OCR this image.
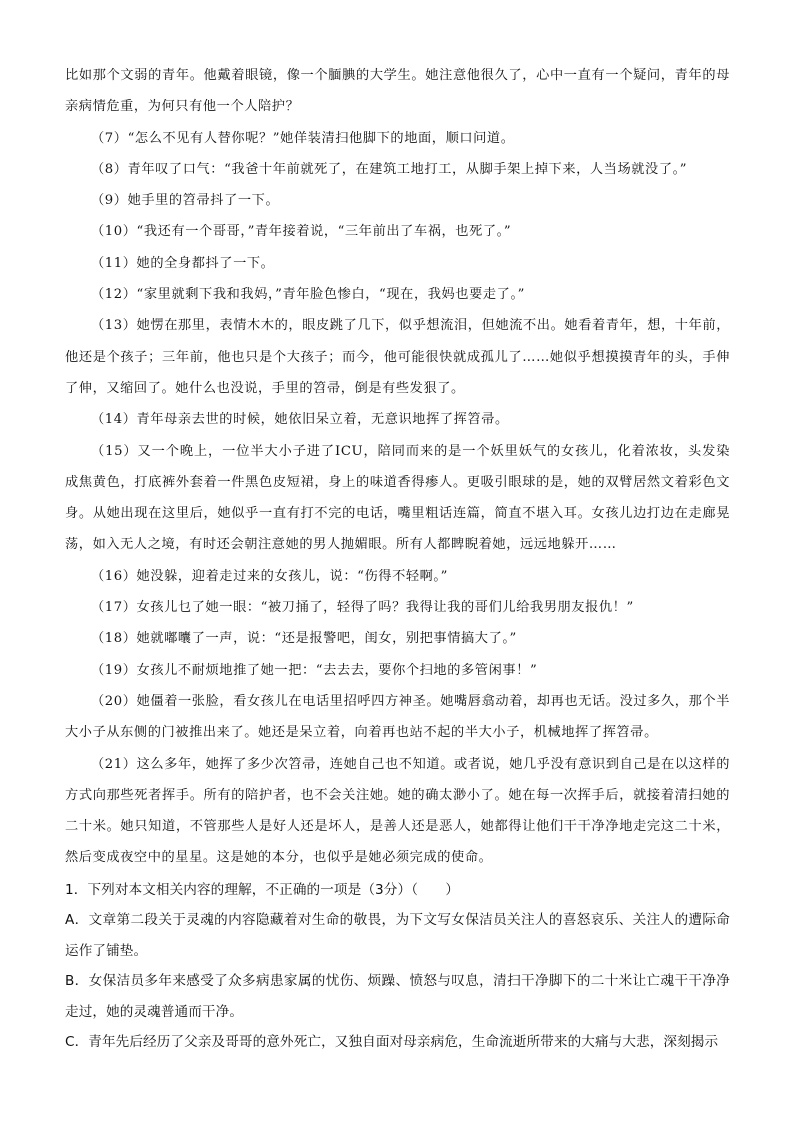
比如那个文弱的青年。他戴着眼镜，像一个腼腆的大学生。她注意他很久了，心中一直有一个疑问，青年的母亲病情危重，为何只有他一个人陪护？

（7）“怎么不见有人替你呢？”她佯装清扫他脚下的地面，顺口问道。

（8）青年叹了口气：“我爸十年前就死了，在建筑工地打工，从脚手架上掉下来，人当场就没了。”

（9）她手里的笤帚抖了一下。

（10）“我还有一个哥哥，”青年接着说，“三年前出了车祸，也死了。”

（11）她的全身都抖了一下。

（12）“家里就剩下我和我妈，”青年脸色惨白，“现在，我妈也要走了。”

（13）她愣在那里，表情木木的，眼皮跳了几下，似乎想流泪，但她流不出。她看着青年，想，十年前，他还是个孩子；三年前，他也只是个大孩子；而今，他可能很快就成孤儿了……她似乎想摸摸青年的头，手伸了伸，又缩回了。她什么也没说，手里的笤帚，倒是有些发狠了。

（14）青年母亲去世的时候，她依旧呆立着，无意识地挥了挥笤帚。

（15）又一个晚上，一位半大小子进了ICU，陪同而来的是一个妖里妖气的女孩儿，化着浓妆，头发染成焦黄色，打底裤外套着一件黑色皮短裙，身上的味道香得瘆人。更吸引眼球的是，她的双臂居然文着彩色文身。从她出现在这里后，她似乎一直有打不完的电话，嘴里粗话连篇，简直不堪入耳。女孩儿边打边在走廊晃荡，如入无人之境，有时还会朝注意她的男人抛媚眼。所有人都睥睨着她，远远地躲开……

（16）她没躲，迎着走过来的女孩儿，说：“伤得不轻啊。”

（17）女孩儿乜了她一眼：“被刀捅了，轻得了吗？我得让我的哥们儿给我男朋友报仇！”

（18）她就嘟囔了一声，说：“还是报警吧，闺女，别把事情搞大了。”

（19）女孩儿不耐烦地推了她一把：“去去去，要你个扫地的多管闲事！”

（20）她僵着一张脸，看女孩儿在电话里招呼四方神圣。她嘴唇翕动着，却再也无话。没过多久，那个半大小子从东侧的门被推出来了。她还是呆立着，向着再也站不起的半大小子，机械地挥了挥笤帚。

（21）这么多年，她挥了多少次笤帚，连她自己也不知道。或者说，她几乎没有意识到自己是在以这样的方式向那些死者挥手。所有的陪护者，也不会关注她。她的确太渺小了。她在每一次挥手后，就接着清扫她的二十米。她只知道，不管那些人是好人还是坏人，是善人还是恶人，她都得让他们干干净净地走完这二十米，然后变成夜空中的星星。这是她的本分，也似乎是她必须完成的使命。

1．下列对本文相关内容的理解，不正确的一项是（3分）（　　）

A．文章第二段关于灵魂的内容隐藏着对生命的敬畏，为下文写女保洁员关注人的喜怒哀乐、关注人的遭际命运作了铺垫。

B．女保洁员多年来感受了众多病患家属的忧伤、烦躁、愤怒与叹息，清扫干净脚下的二十米让亡魂干干净净走过，她的灵魂普通而干净。

C．青年先后经历了父亲及哥哥的意外死亡，又独自面对母亲病危，生命流逝所带来的大痛与大悲，深刻揭示
